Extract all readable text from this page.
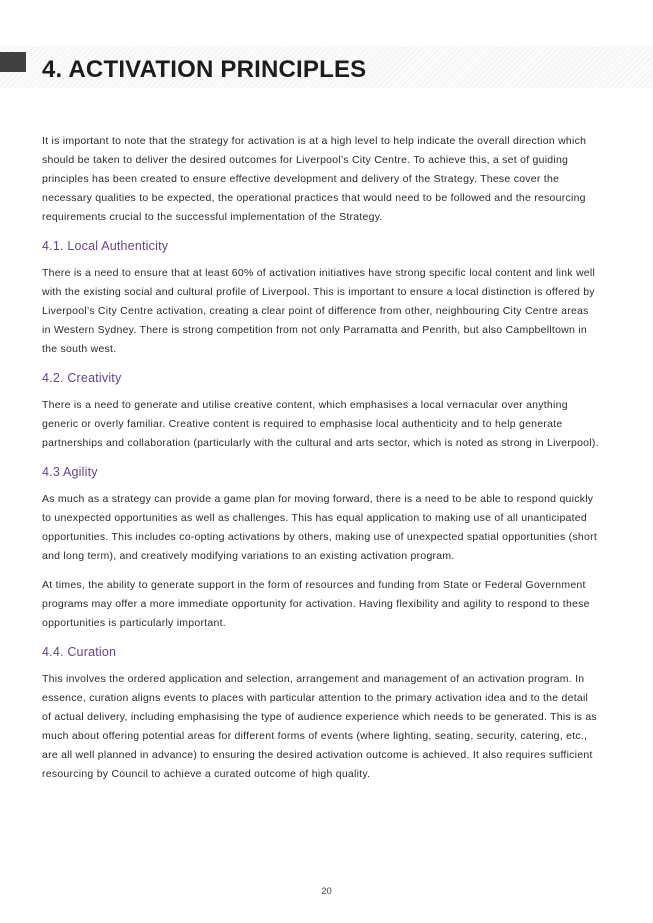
4. ACTIVATION PRINCIPLES

It is important to note that the strategy for activation is at a high level to help indicate the overall direction which should be taken to deliver the desired outcomes for Liverpool’s City Centre. To achieve this, a set of guiding principles has been created to ensure effective development and delivery of the Strategy. These cover the necessary qualities to be expected, the operational practices that would need to be followed and the resourcing requirements crucial to the successful implementation of the Strategy.

4.1. Local Authenticity

There is a need to ensure that at least 60% of activation initiatives have strong specific local content and link well with the existing social and cultural profile of Liverpool. This is important to ensure a local distinction is offered by Liverpool’s City Centre activation, creating a clear point of difference from other, neighbouring City Centre areas in Western Sydney. There is strong competition from not only Parramatta and Penrith, but also Campbelltown in the south west.

4.2. Creativity

There is a need to generate and utilise creative content, which emphasises a local vernacular over anything generic or overly familiar. Creative content is required to emphasise local authenticity and to help generate partnerships and collaboration (particularly with the cultural and arts sector, which is noted as strong in Liverpool).

4.3 Agility

As much as a strategy can provide a game plan for moving forward, there is a need to be able to respond quickly to unexpected opportunities as well as challenges. This has equal application to making use of all unanticipated opportunities. This includes co-opting activations by others, making use of unexpected spatial opportunities (short and long term), and creatively modifying variations to an existing activation program.

At times, the ability to generate support in the form of resources and funding from State or Federal Government programs may offer a more immediate opportunity for activation. Having flexibility and agility to respond to these opportunities is particularly important.

4.4. Curation

This involves the ordered application and selection, arrangement and management of an activation program. In essence, curation aligns events to places with particular attention to the primary activation idea and to the detail of actual delivery, including emphasising the type of audience experience which needs to be generated. This is as much about offering potential areas for different forms of events (where lighting, seating, security, catering, etc., are all well planned in advance) to ensuring the desired activation outcome is achieved. It also requires sufficient resourcing by Council to achieve a curated outcome of high quality.

20
